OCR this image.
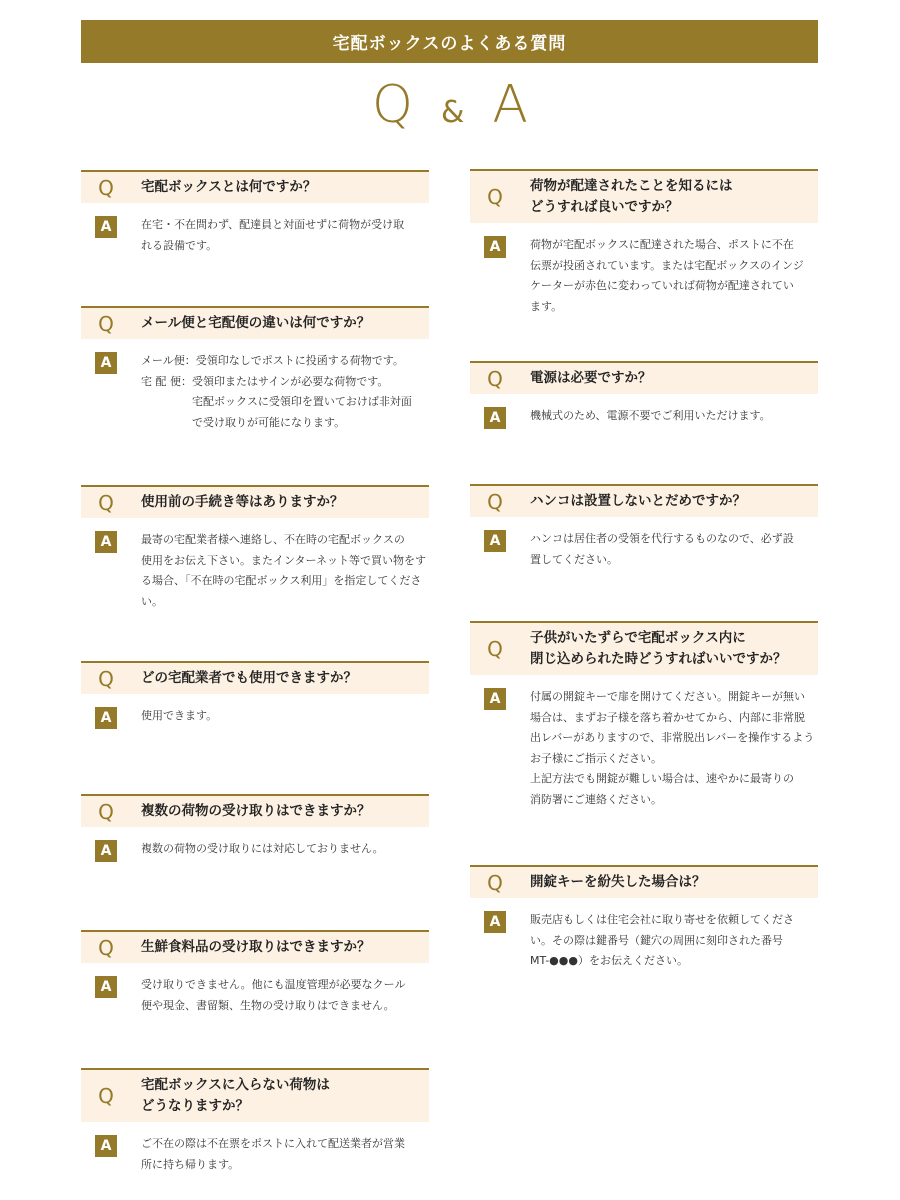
宅配ボックスのよくある質問
Q & A
Q	宅配ボックスとは何ですか？
A	在宅・不在問わず、配達員と対面せずに荷物が受け取
れる設備です。
Q	メール便と宅配便の違いは何ですか？
A	メール便： 受領印なしでポストに投函する荷物です。
宅 配 便： 受領印またはサインが必要な荷物です。
宅配ボックスに受領印を置いておけば非対面
で受け取りが可能になります。
Q	使用前の手続き等はありますか？
A	最寄の宅配業者様へ連絡し、不在時の宅配ボックスの
使用をお伝え下さい。またインターネット等で買い物をす
る場合、「不在時の宅配ボックス利用」を指定してくださ
い。
Q	どの宅配業者でも使用できますか？
A	使用できます。
Q	複数の荷物の受け取りはできますか？
A	複数の荷物の受け取りには対応しておりません。
Q	生鮮食料品の受け取りはできますか？
A	受け取りできません。他にも温度管理が必要なクール
便や現金、書留類、生物の受け取りはできません。
Q	宅配ボックスに入らない荷物は
どうなりますか？
A	ご不在の際は不在票をポストに入れて配送業者が営業
所に持ち帰ります。
Q	荷物が配達されたことを知るには
どうすれば良いですか？
A	荷物が宅配ボックスに配達された場合、ポストに不在
伝票が投函されています。または宅配ボックスのインジ
ケーターが赤色に変わっていれば荷物が配達されてい
ます。
Q	電源は必要ですか？
A	機械式のため、電源不要でご利用いただけます。
Q	ハンコは設置しないとだめですか？
A	ハンコは居住者の受領を代行するものなので、必ず設
置してください。
Q	子供がいたずらで宅配ボックス内に
閉じ込められた時どうすればいいですか？
A	付属の開錠キーで扉を開けてください。開錠キーが無い
場合は、まずお子様を落ち着かせてから、内部に非常脱
出レバーがありますので、非常脱出レバーを操作するよう
お子様にご指示ください。
上記方法でも開錠が難しい場合は、速やかに最寄りの
消防署にご連絡ください。
Q	開錠キーを紛失した場合は？
A	販売店もしくは住宅会社に取り寄せを依頼してくださ
い。その際は鍵番号（鍵穴の周囲に刻印された番号
MT-●●●）をお伝えください。
